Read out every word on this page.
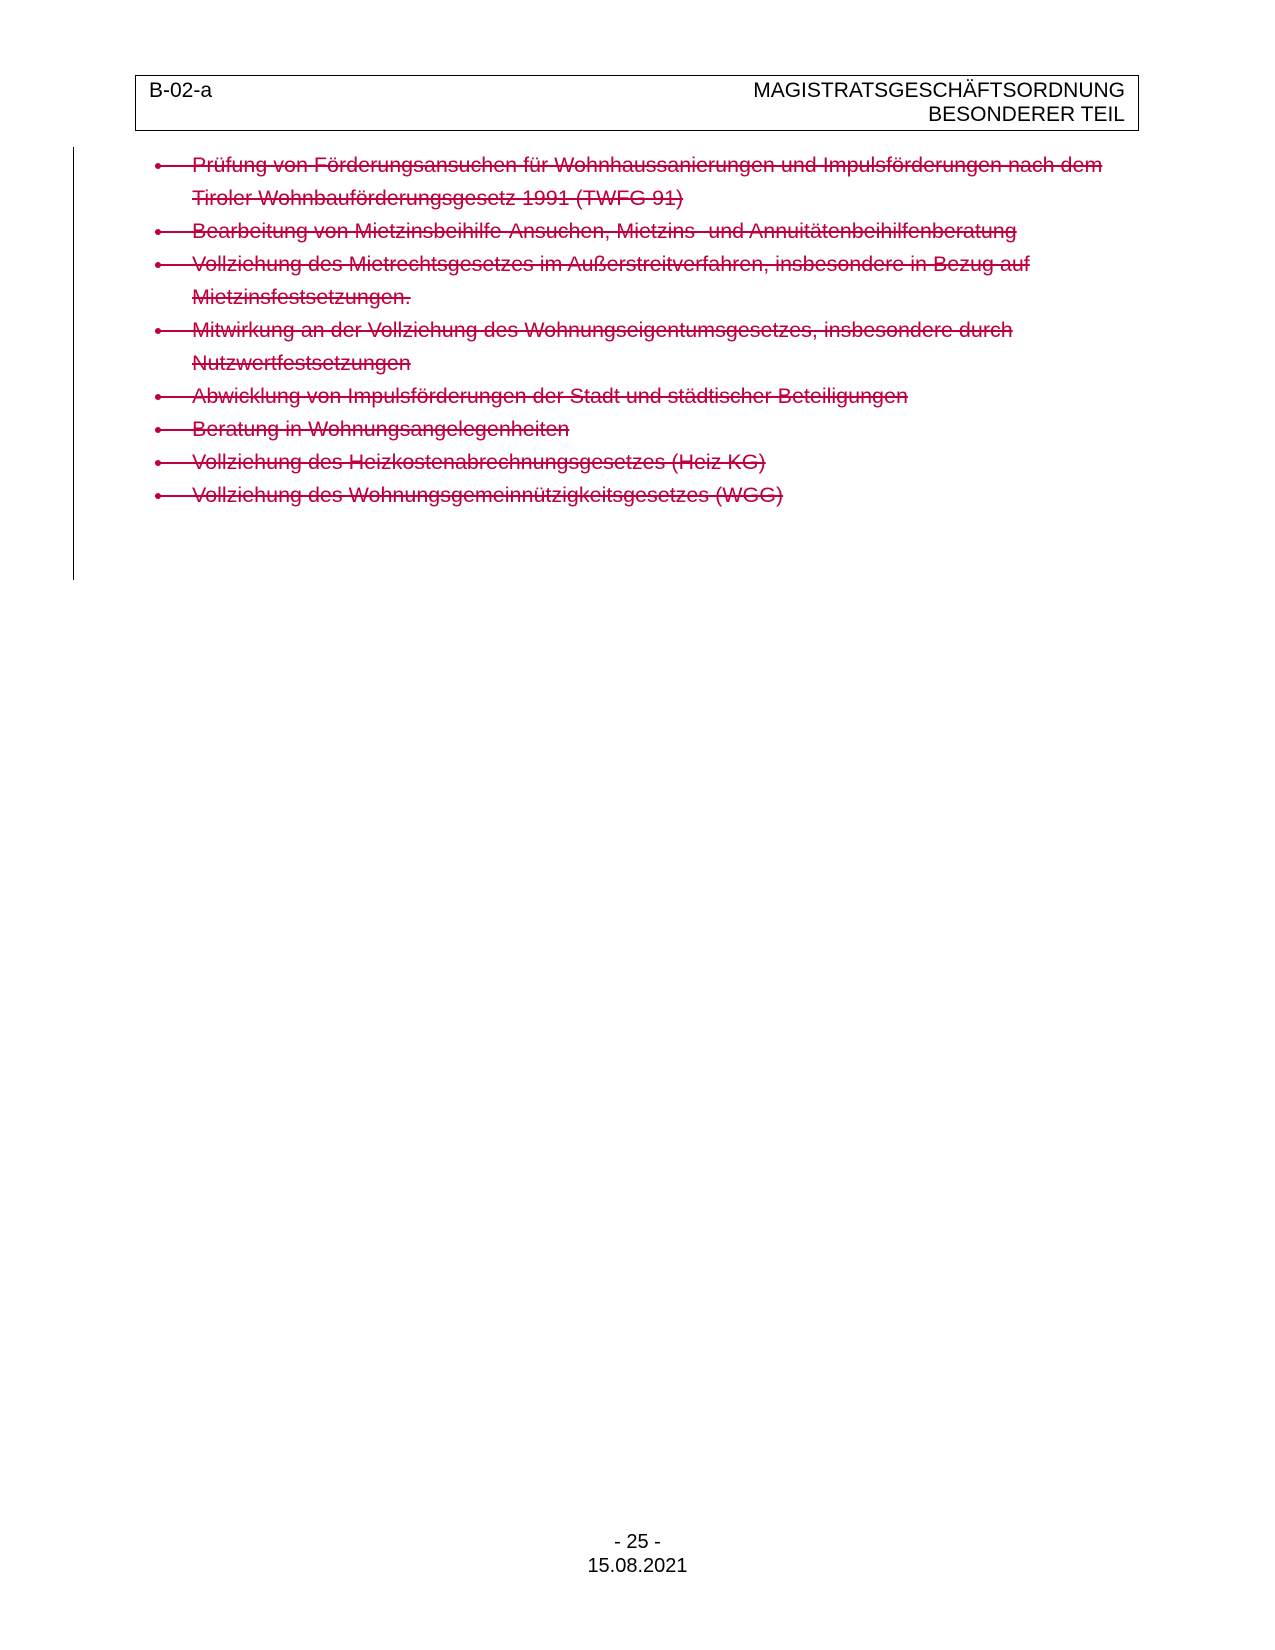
B-02-a	MAGISTRATSGESCHÄFTSORDNUNG
BESONDERER TEIL
Prüfung von Förderungsansuchen für Wohnhaussanierungen und Impulsförderungen nach dem Tiroler Wohnbauförderungsgesetz 1991 (TWFG 91)
Bearbeitung von Mietzinsbeihilfe-Ansuchen, Mietzins- und Annuitätenbeihilfenberatung
Vollziehung des Mietrechtsgesetzes im Außerstreitverfahren, insbesondere in Bezug auf Mietzinsfestsetzungen.
Mitwirkung an der Vollziehung des Wohnungseigentumsgesetzes, insbesondere durch Nutzwertfestsetzungen
Abwicklung von Impulsförderungen der Stadt und städtischer Beteiligungen
Beratung in Wohnungsangelegenheiten
Vollziehung des Heizkostenabrechnungsgesetzes (Heiz KG)
Vollziehung des Wohnungsgemeinnützigkeitsgesetzes (WGG)
- 25 -
15.08.2021
